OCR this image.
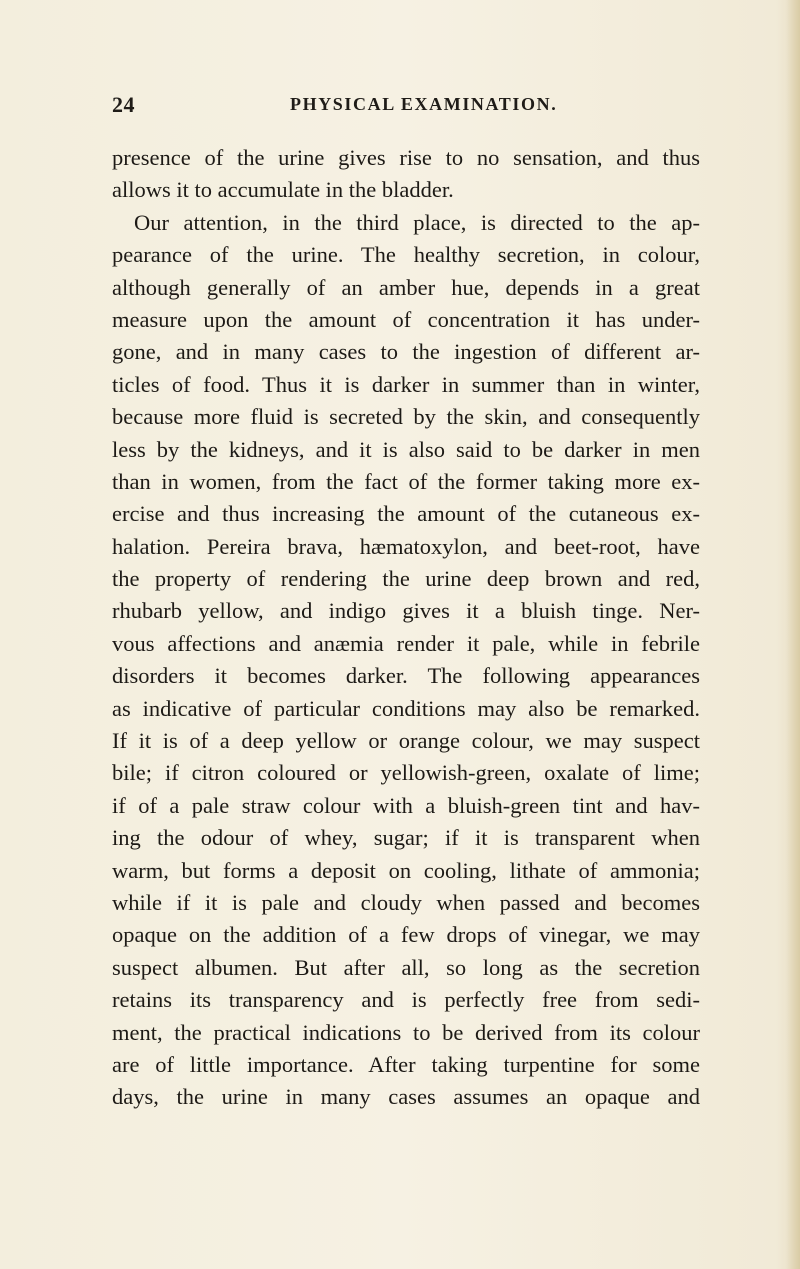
24	PHYSICAL EXAMINATION.
presence of the urine gives rise to no sensation, and thus
allows it to accumulate in the bladder.
Our attention, in the third place, is directed to the ap-
pearance of the urine. The healthy secretion, in colour,
although generally of an amber hue, depends in a great
measure upon the amount of concentration it has under-
gone, and in many cases to the ingestion of different ar-
ticles of food. Thus it is darker in summer than in winter,
because more fluid is secreted by the skin, and consequently
less by the kidneys, and it is also said to be darker in men
than in women, from the fact of the former taking more ex-
ercise and thus increasing the amount of the cutaneous ex-
halation. Pereira brava, hæmatoxylon, and beet-root, have
the property of rendering the urine deep brown and red,
rhubarb yellow, and indigo gives it a bluish tinge. Ner-
vous affections and anæmia render it pale, while in febrile
disorders it becomes darker. The following appearances
as indicative of particular conditions may also be remarked.
If it is of a deep yellow or orange colour, we may suspect
bile; if citron coloured or yellowish-green, oxalate of lime;
if of a pale straw colour with a bluish-green tint and hav-
ing the odour of whey, sugar; if it is transparent when
warm, but forms a deposit on cooling, lithate of ammonia;
while if it is pale and cloudy when passed and becomes
opaque on the addition of a few drops of vinegar, we may
suspect albumen. But after all, so long as the secretion
retains its transparency and is perfectly free from sedi-
ment, the practical indications to be derived from its colour
are of little importance. After taking turpentine for some
days, the urine in many cases assumes an opaque and
